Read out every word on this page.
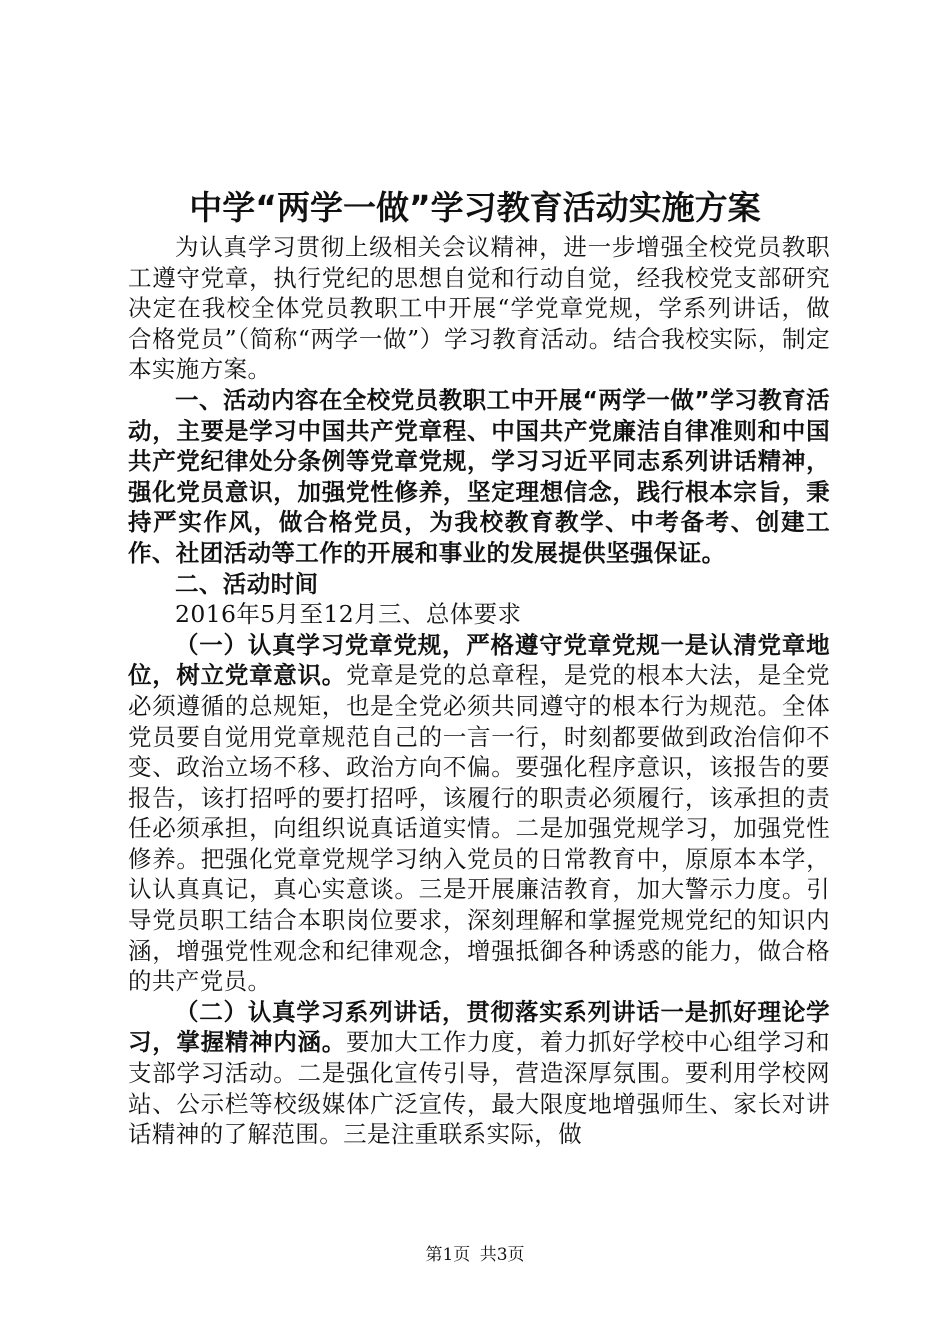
中学“两学一做”学习教育活动实施方案

为认真学习贯彻上级相关会议精神，进一步增强全校党员教职工遵守党章，执行党纪的思想自觉和行动自觉，经我校党支部研究决定在我校全体党员教职工中开展“学党章党规，学系列讲话，做合格党员”（简称“两学一做”）学习教育活动。结合我校实际，制定本实施方案。

一、活动内容在全校党员教职工中开展“两学一做”学习教育活动，主要是学习中国共产党章程、中国共产党廉洁自律准则和中国共产党纪律处分条例等党章党规，学习习近平同志系列讲话精神，强化党员意识，加强党性修养，坚定理想信念，践行根本宗旨，秉持严实作风，做合格党员，为我校教育教学、中考备考、创建工作、社团活动等工作的开展和事业的发展提供坚强保证。

二、活动时间

2016年5月至12月三、总体要求

（一）认真学习党章党规，严格遵守党章党规一是认清党章地位，树立党章意识。党章是党的总章程，是党的根本大法，是全党必须遵循的总规矩，也是全党必须共同遵守的根本行为规范。全体党员要自觉用党章规范自己的一言一行，时刻都要做到政治信仰不变、政治立场不移、政治方向不偏。要强化程序意识，该报告的要报告，该打招呼的要打招呼，该履行的职责必须履行，该承担的责任必须承担，向组织说真话道实情。二是加强党规学习，加强党性修养。把强化党章党规学习纳入党员的日常教育中，原原本本学，认认真真记，真心实意谈。三是开展廉洁教育，加大警示力度。引导党员职工结合本职岗位要求，深刻理解和掌握党规党纪的知识内涵，增强党性观念和纪律观念，增强抵御各种诱惑的能力，做合格的共产党员。

（二）认真学习系列讲话，贯彻落实系列讲话一是抓好理论学习，掌握精神内涵。要加大工作力度，着力抓好学校中心组学习和支部学习活动。二是强化宣传引导，营造深厚氛围。要利用学校网站、公示栏等校级媒体广泛宣传，最大限度地增强师生、家长对讲话精神的了解范围。三是注重联系实际，做

第1页 共3页
